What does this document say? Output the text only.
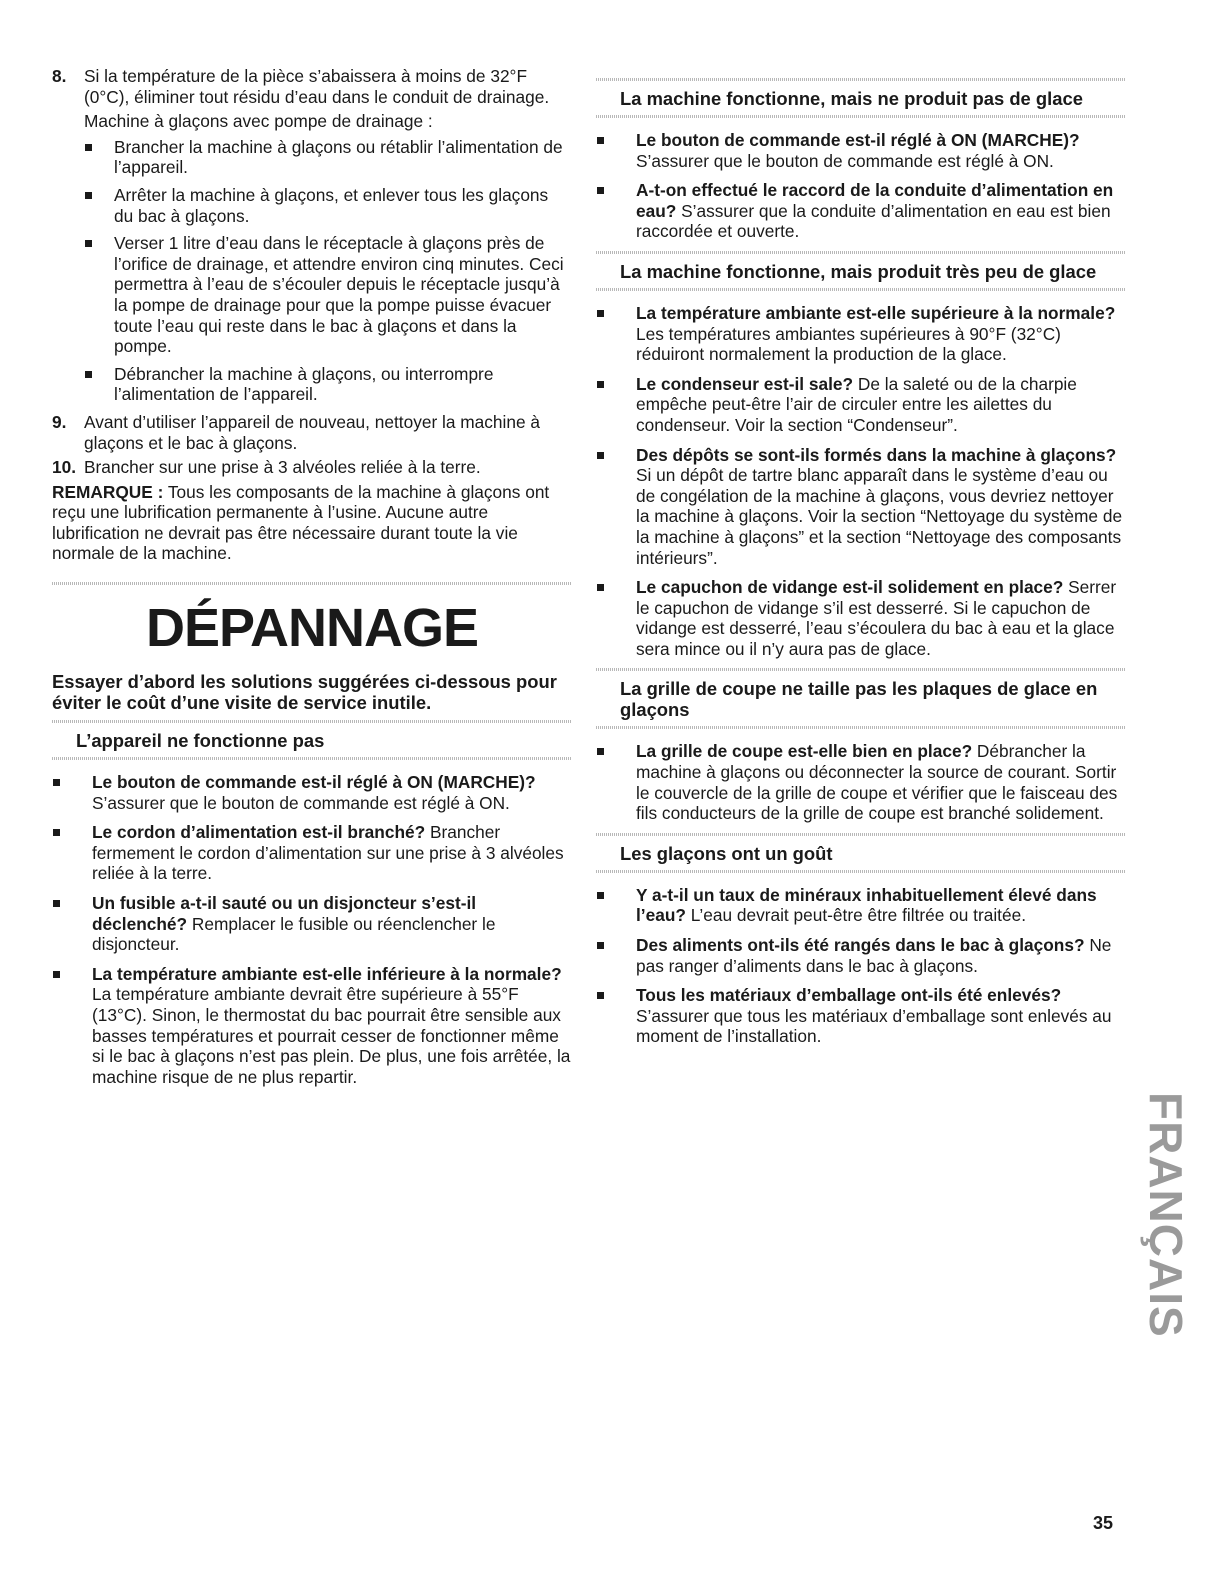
8. Si la température de la pièce s’abaissera à moins de 32°F (0°C), éliminer tout résidu d’eau dans le conduit de drainage.

Machine à glaçons avec pompe de drainage :

Brancher la machine à glaçons ou rétablir l’alimentation de l’appareil.

Arrêter la machine à glaçons, et enlever tous les glaçons du bac à glaçons.

Verser 1 litre d’eau dans le réceptacle à glaçons près de l’orifice de drainage, et attendre environ cinq minutes. Ceci permettra à l’eau de s’écouler depuis le réceptacle jusqu’à la pompe de drainage pour que la pompe puisse évacuer toute l’eau qui reste dans le bac à glaçons et dans la pompe.

Débrancher la machine à glaçons, ou interrompre l’alimentation de l’appareil.

9. Avant d’utiliser l’appareil de nouveau, nettoyer la machine à glaçons et le bac à glaçons.

10. Brancher sur une prise à 3 alvéoles reliée à la terre.

REMARQUE : Tous les composants de la machine à glaçons ont reçu une lubrification permanente à l’usine. Aucune autre lubrification ne devrait pas être nécessaire durant toute la vie normale de la machine.

DÉPANNAGE

Essayer d’abord les solutions suggérées ci-dessous pour éviter le coût d’une visite de service inutile.

L’appareil ne fonctionne pas

Le bouton de commande est-il réglé à ON (MARCHE)? S’assurer que le bouton de commande est réglé à ON.

Le cordon d’alimentation est-il branché? Brancher fermement le cordon d’alimentation sur une prise à 3 alvéoles reliée à la terre.

Un fusible a-t-il sauté ou un disjoncteur s’est-il déclenché? Remplacer le fusible ou réenclencher le disjoncteur.

La température ambiante est-elle inférieure à la normale? La température ambiante devrait être supérieure à 55°F (13°C). Sinon, le thermostat du bac pourrait être sensible aux basses températures et pourrait cesser de fonctionner même si le bac à glaçons n’est pas plein. De plus, une fois arrêtée, la machine risque de ne plus repartir.

La machine fonctionne, mais ne produit pas de glace

Le bouton de commande est-il réglé à ON (MARCHE)? S’assurer que le bouton de commande est réglé à ON.

A-t-on effectué le raccord de la conduite d’alimentation en eau? S’assurer que la conduite d’alimentation en eau est bien raccordée et ouverte.

La machine fonctionne, mais produit très peu de glace

La température ambiante est-elle supérieure à la normale? Les températures ambiantes supérieures à 90°F (32°C) réduiront normalement la production de la glace.

Le condenseur est-il sale? De la saleté ou de la charpie empêche peut-être l’air de circuler entre les ailettes du condenseur. Voir la section “Condenseur”.

Des dépôts se sont-ils formés dans la machine à glaçons? Si un dépôt de tartre blanc apparaît dans le système d’eau ou de congélation de la machine à glaçons, vous devriez nettoyer la machine à glaçons. Voir la section “Nettoyage du système de la machine à glaçons” et la section “Nettoyage des composants intérieurs”.

Le capuchon de vidange est-il solidement en place? Serrer le capuchon de vidange s’il est desserré. Si le capuchon de vidange est desserré, l’eau s’écoulera du bac à eau et la glace sera mince ou il n’y aura pas de glace.

La grille de coupe ne taille pas les plaques de glace en glaçons

La grille de coupe est-elle bien en place? Débrancher la machine à glaçons ou déconnecter la source de courant. Sortir le couvercle de la grille de coupe et vérifier que le faisceau des fils conducteurs de la grille de coupe est branché solidement.

Les glaçons ont un goût

Y a-t-il un taux de minéraux inhabituellement élevé dans l’eau? L’eau devrait peut-être être filtrée ou traitée.

Des aliments ont-ils été rangés dans le bac à glaçons? Ne pas ranger d’aliments dans le bac à glaçons.

Tous les matériaux d’emballage ont-ils été enlevés? S’assurer que tous les matériaux d’emballage sont enlevés au moment de l’installation.

FRANÇAIS
35
